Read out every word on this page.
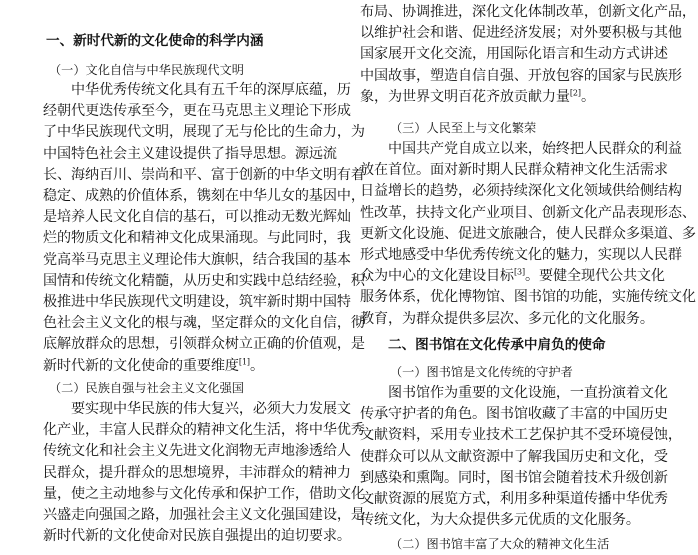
一、新时代新的文化使命的科学内涵
（一）文化自信与中华民族现代文明

中华优秀传统文化具有五千年的深厚底蕴，历

经朝代更迭传承至今，更在马克思主义理论下形成

了中华民族现代文明，展现了无与伦比的生命力，为

中国特色社会主义建设提供了指导思想。源远流

长、海纳百川、崇尚和平、富于创新的中华文明有着

稳定、成熟的价值体系，镌刻在中华儿女的基因中，

是培养人民文化自信的基石，可以推动无数光辉灿

烂的物质文化和精神文化成果涌现。与此同时，我

党高举马克思主义理论伟大旗帜，结合我国的基本

国情和传统文化精髓，从历史和实践中总结经验，积

极推进中华民族现代文明建设，筑牢新时期中国特

色社会主义文化的根与魂，坚定群众的文化自信，彻

底解放群众的思想，引领群众树立正确的价值观，是

新时代新的文化使命的重要维度[1]。

（二）民族自强与社会主义文化强国

要实现中华民族的伟大复兴，必须大力发展文

化产业，丰富人民群众的精神文化生活，将中华优秀

传统文化和社会主义先进文化润物无声地渗透给人

民群众，提升群众的思想境界，丰沛群众的精神力

量，使之主动地参与文化传承和保护工作，借助文化

兴盛走向强国之路，加强社会主义文化强国建设，是

新时代新的文化使命对民族自强提出的迫切要求。

布局、协调推进，深化文化体制改革，创新文化产品，

以维护社会和谐、促进经济发展；对外要积极与其他

国家展开文化交流，用国际化语言和生动方式讲述

中国故事，塑造自信自强、开放包容的国家与民族形

象，为世界文明百花齐放贡献力量[2]。

（三）人民至上与文化繁荣

中国共产党自成立以来，始终把人民群众的利益

放在首位。面对新时期人民群众精神文化生活需求

日益增长的趋势，必须持续深化文化领域供给侧结构

性改革，扶持文化产业项目、创新文化产品表现形态、

更新文化设施、促进文旅融合，使人民群众多渠道、多

形式地感受中华优秀传统文化的魅力，实现以人民群

众为中心的文化建设目标[3]。要健全现代公共文化

服务体系，优化博物馆、图书馆的功能，实施传统文化

教育，为群众提供多层次、多元化的文化服务。

二、图书馆在文化传承中肩负的使命
（一）图书馆是文化传统的守护者

图书馆作为重要的文化设施，一直扮演着文化

传承守护者的角色。图书馆收藏了丰富的中国历史

文献资料，采用专业技术工艺保护其不受环境侵蚀，

使群众可以从文献资源中了解我国历史和文化，受

到感染和熏陶。同时，图书馆会随着技术升级创新

文献资源的展览方式，利用多种渠道传播中华优秀

传统文化，为大众提供多元优质的文化服务。

（二）图书馆丰富了大众的精神文化生活
